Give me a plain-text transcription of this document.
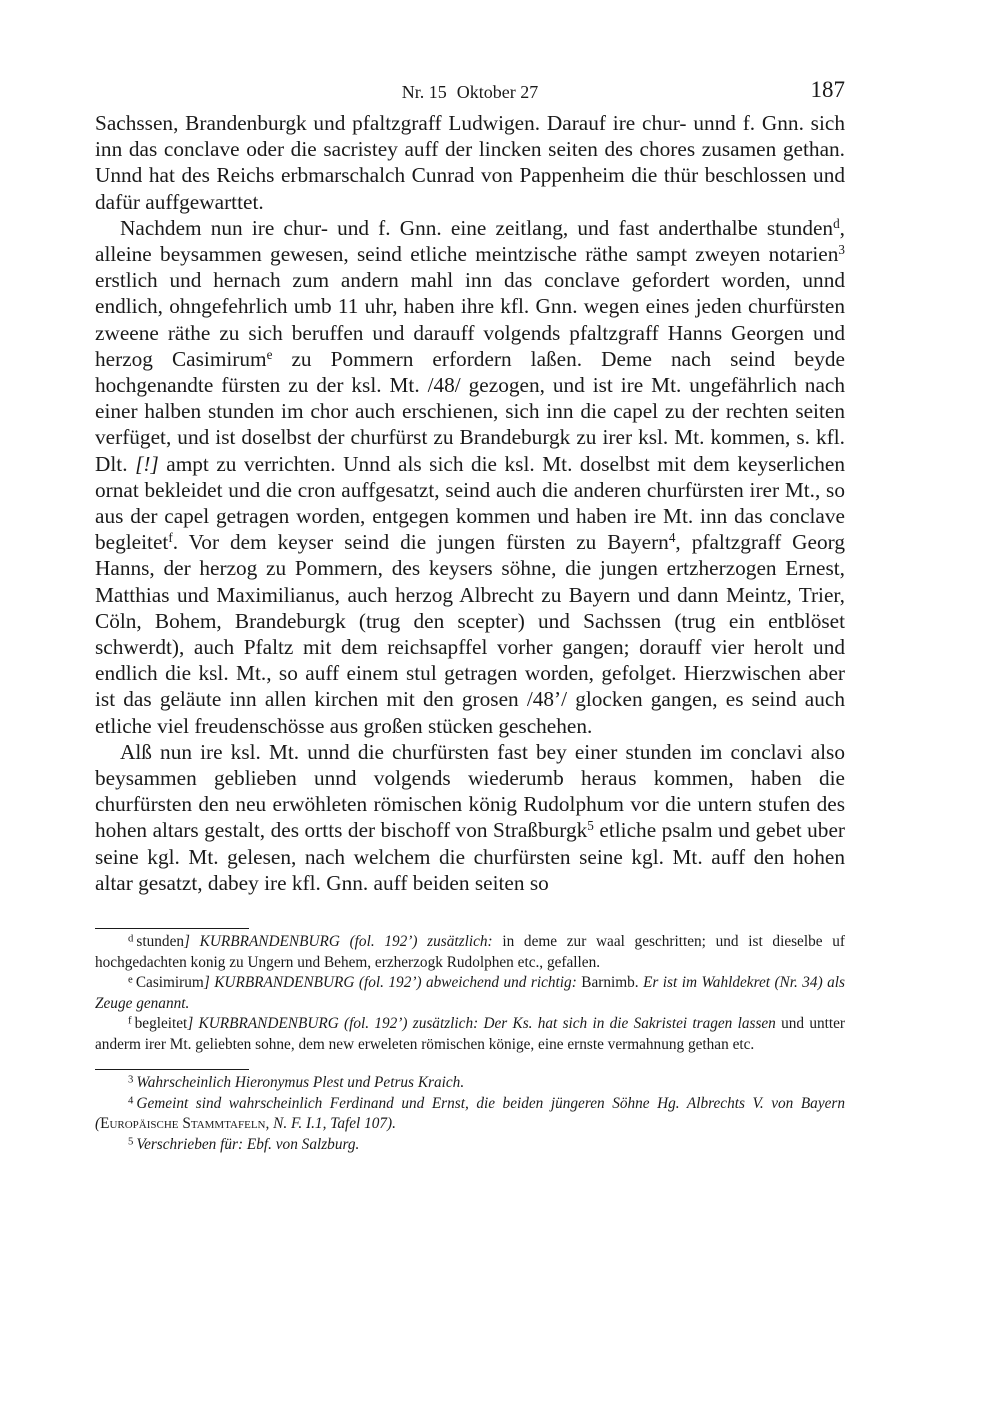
Nr. 15 Oktober 27	187

Sachssen, Brandenburgk und pfaltzgraff Ludwigen. Darauf ire chur- unnd f. Gnn. sich inn das conclave oder die sacristey auff der lincken seiten des chores zusamen gethan. Unnd hat des Reichs erbmarschalch Cunrad von Pappenheim die thür beschlossen und dafür auffgewarttet.

Nachdem nun ire chur- und f. Gnn. eine zeitlang, und fast anderthalbe stunden$^d$, alleine beysammen gewesen, seind etliche meintzische räthe sampt zweyen notarien$^3$ erstlich und hernach zum andern mahl inn das conclave gefordert worden, unnd endlich, ohngefehrlich umb 11 uhr, haben ihre kfl. Gnn. wegen eines jeden churfürsten zweene räthe zu sich beruffen und darauff volgends pfaltzgraff Hanns Georgen und herzog Casimirum$^e$ zu Pommern erfordern laßen. Deme nach seind beyde hochgenandte fürsten zu der ksl. Mt. /48/ gezogen, und ist ire Mt. ungefährlich nach einer halben stunden im chor auch erschienen, sich inn die capel zu der rechten seiten verfüget, und ist doselbst der churfürst zu Brandeburgk zu irer ksl. Mt. kommen, s. kfl. Dlt. [!] ampt zu verrichten. Unnd als sich die ksl. Mt. doselbst mit dem keyserlichen ornat bekleidet und die cron auffgesatzt, seind auch die anderen churfürsten irer Mt., so aus der capel getragen worden, entgegen kommen und haben ire Mt. inn das conclave begleitet$^f$. Vor dem keyser seind die jungen fürsten zu Bayern$^4$, pfaltzgraff Georg Hanns, der herzog zu Pommern, des keysers söhne, die jungen ertzherzogen Ernest, Matthias und Maximilianus, auch herzog Albrecht zu Bayern und dann Meintz, Trier, Cöln, Bohem, Brandeburgk (trug den scepter) und Sachssen (trug ein entblöset schwerdt), auch Pfaltz mit dem reichsapffel vorher gangen; dorauff vier herolt und endlich die ksl. Mt., so auff einem stul getragen worden, gefolget. Hierzwischen aber ist das geläute inn allen kirchen mit den grosen /48’/ glocken gangen, es seind auch etliche viel freudenschösse aus großen stücken geschehen.

Alß nun ire ksl. Mt. unnd die churfürsten fast bey einer stunden im conclavi also beysammen geblieben unnd volgends wiederumb heraus kommen, haben die churfürsten den neu erwöhleten römischen könig Rudolphum vor die untern stufen des hohen altars gestalt, des ortts der bischoff von Straßburgk$^5$ etliche psalm und gebet uber seine kgl. Mt. gelesen, nach welchem die churfürsten seine kgl. Mt. auff den hohen altar gesatzt, dabey ire kfl. Gnn. auff beiden seiten so

$^d$  stunden] KURBRANDENBURG (fol. 192’) zusätzlich: in deme zur waal geschritten; und ist dieselbe uf hochgedachten konig zu Ungern und Behem, erzherzogk Rudolphen etc., gefallen.

$^e$  Casimirum] KURBRANDENBURG (fol. 192’) abweichend und richtig: Barnimb. Er ist im Wahldekret (Nr. 34) als Zeuge genannt.

$^f$  begleitet] KURBRANDENBURG (fol. 192’) zusätzlich: Der Ks. hat sich in die Sakristei tragen lassen und untter anderm irer Mt. geliebten sohne, dem new erweleten römischen könige, eine ernste vermahnung gethan etc.

$^3$  Wahrscheinlich Hieronymus Plest und Petrus Kraich.

$^4$  Gemeint sind wahrscheinlich Ferdinand und Ernst, die beiden jüngeren Söhne Hg. Albrechts V. von Bayern (Europäische Stammtafeln, N. F. I.1, Tafel 107).

$^5$  Verschrieben für: Ebf. von Salzburg.
